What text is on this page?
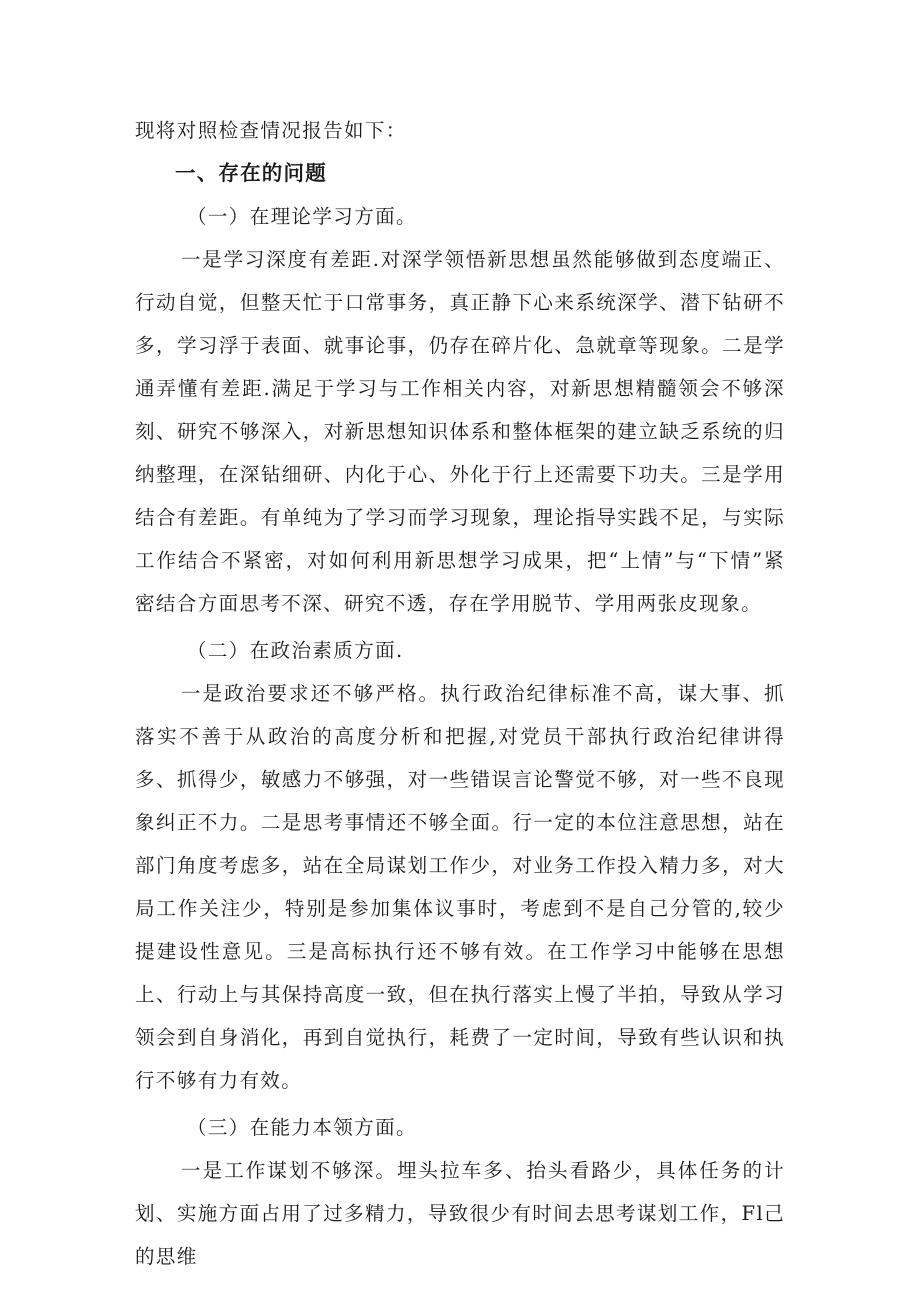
现将对照检查情况报告如下：

一、存在的问题

（一）在理论学习方面。

一是学习深度有差距.对深学领悟新思想虽然能够做到态度端正、行动自觉，但整天忙于口常事务，真正静下心来系统深学、潜下钻研不多，学习浮于表面、就事论事，仍存在碎片化、急就章等现象。二是学通弄懂有差距.满足于学习与工作相关内容，对新思想精髓领会不够深刻、研究不够深入，对新思想知识体系和整体框架的建立缺乏系统的归纳整理，在深钻细研、内化于心、外化于行上还需要下功夫。三是学用结合有差距。有单纯为了学习而学习现象，理论指导实践不足，与实际工作结合不紧密，对如何利用新思想学习成果，把“上情”与“下情”紧密结合方面思考不深、研究不透，存在学用脱节、学用两张皮现象。

（二）在政治素质方面.

一是政治要求还不够严格。执行政治纪律标准不高，谋大事、抓落实不善于从政治的高度分析和把握,对党员干部执行政治纪律讲得多、抓得少，敏感力不够强，对一些错误言论警觉不够，对一些不良现象纠正不力。二是思考事情还不够全面。行一定的本位注意思想，站在部门角度考虑多，站在全局谋划工作少，对业务工作投入精力多，对大局工作关注少，特别是参加集体议事时，考虑到不是自己分管的,较少提建设性意见。三是高标执行还不够有效。在工作学习中能够在思想上、行动上与其保持高度一致，但在执行落实上慢了半拍，导致从学习领会到自身消化，再到自觉执行，耗费了一定时间，导致有些认识和执行不够有力有效。

（三）在能力本领方面。

一是工作谋划不够深。埋头拉车多、抬头看路少，具体任务的计划、实施方面占用了过多精力，导致很少有时间去思考谋划工作，Fl己的思维
